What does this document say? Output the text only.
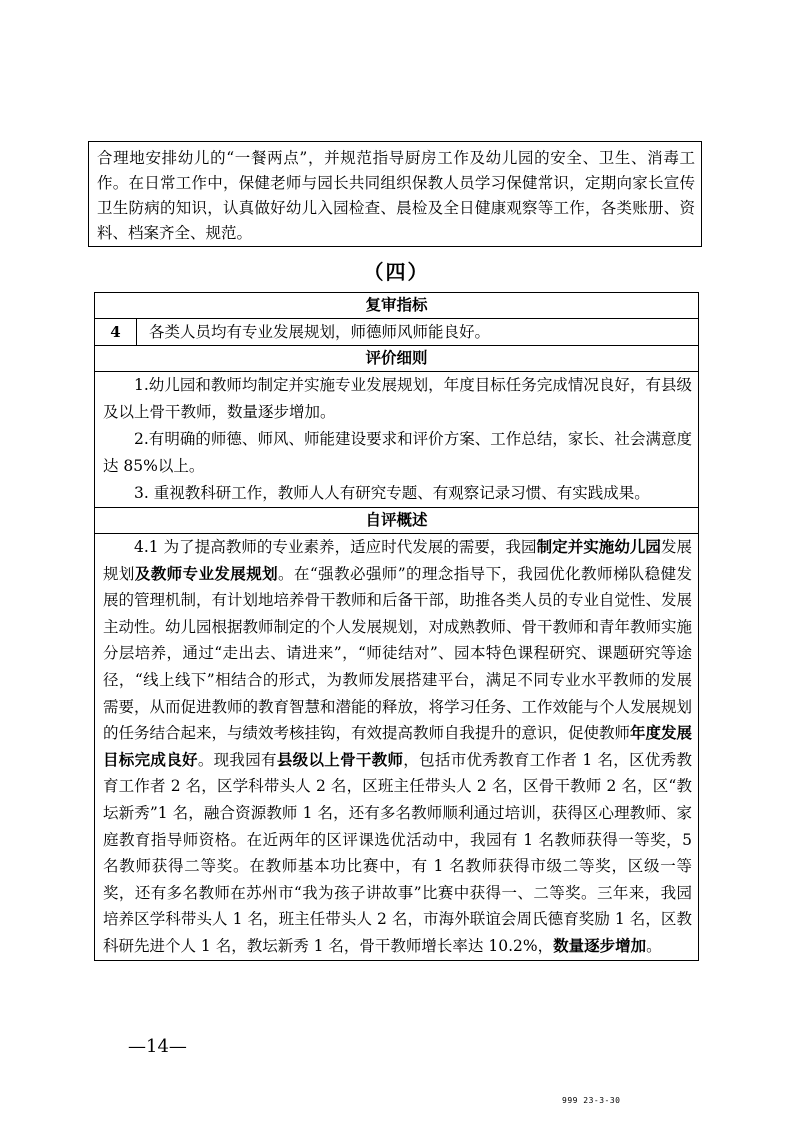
合理地安排幼儿的“一餐两点”，并规范指导厨房工作及幼儿园的安全、卫生、消毒工作。在日常工作中，保健老师与园长共同组织保教人员学习保健常识，定期向家长宣传卫生防病的知识，认真做好幼儿入园检查、晨检及全日健康观察等工作，各类账册、资料、档案齐全、规范。

（四）
复审指标
4	各类人员均有专业发展规划，师德师风师能良好。
评价细则

1.幼儿园和教师均制定并实施专业发展规划，年度目标任务完成情况良好，有县级及以上骨干教师，数量逐步增加。

2.有明确的师德、师风、师能建设要求和评价方案、工作总结，家长、社会满意度达 85%以上。

3. 重视教科研工作，教师人人有研究专题、有观察记录习惯、有实践成果。

自评概述

4.1 为了提高教师的专业素养，适应时代发展的需要，我园制定并实施幼儿园发展规划及教师专业发展规划。在“强教必强师”的理念指导下，我园优化教师梯队稳健发展的管理机制，有计划地培养骨干教师和后备干部，助推各类人员的专业自觉性、发展主动性。幼儿园根据教师制定的个人发展规划，对成熟教师、骨干教师和青年教师实施分层培养，通过“走出去、请进来”，“师徒结对”、园本特色课程研究、课题研究等途径，“线上线下”相结合的形式，为教师发展搭建平台，满足不同专业水平教师的发展需要，从而促进教师的教育智慧和潜能的释放，将学习任务、工作效能与个人发展规划的任务结合起来，与绩效考核挂钩，有效提高教师自我提升的意识，促使教师年度发展目标完成良好。现我园有县级以上骨干教师，包括市优秀教育工作者 1 名，区优秀教育工作者 2 名，区学科带头人 2 名，区班主任带头人 2 名，区骨干教师 2 名，区“教坛新秀”1 名，融合资源教师 1 名，还有多名教师顺利通过培训，获得区心理教师、家庭教育指导师资格。在近两年的区评课选优活动中，我园有 1 名教师获得一等奖，5 名教师获得二等奖。在教师基本功比赛中，有 1 名教师获得市级二等奖，区级一等奖，还有多名教师在苏州市“我为孩子讲故事”比赛中获得一、二等奖。三年来，我园培养区学科带头人 1 名，班主任带头人 2 名，市海外联谊会周氏德育奖励 1 名，区教科研先进个人 1 名，教坛新秀 1 名，骨干教师增长率达 10.2%，数量逐步增加。

—14—
999 23-3-30
